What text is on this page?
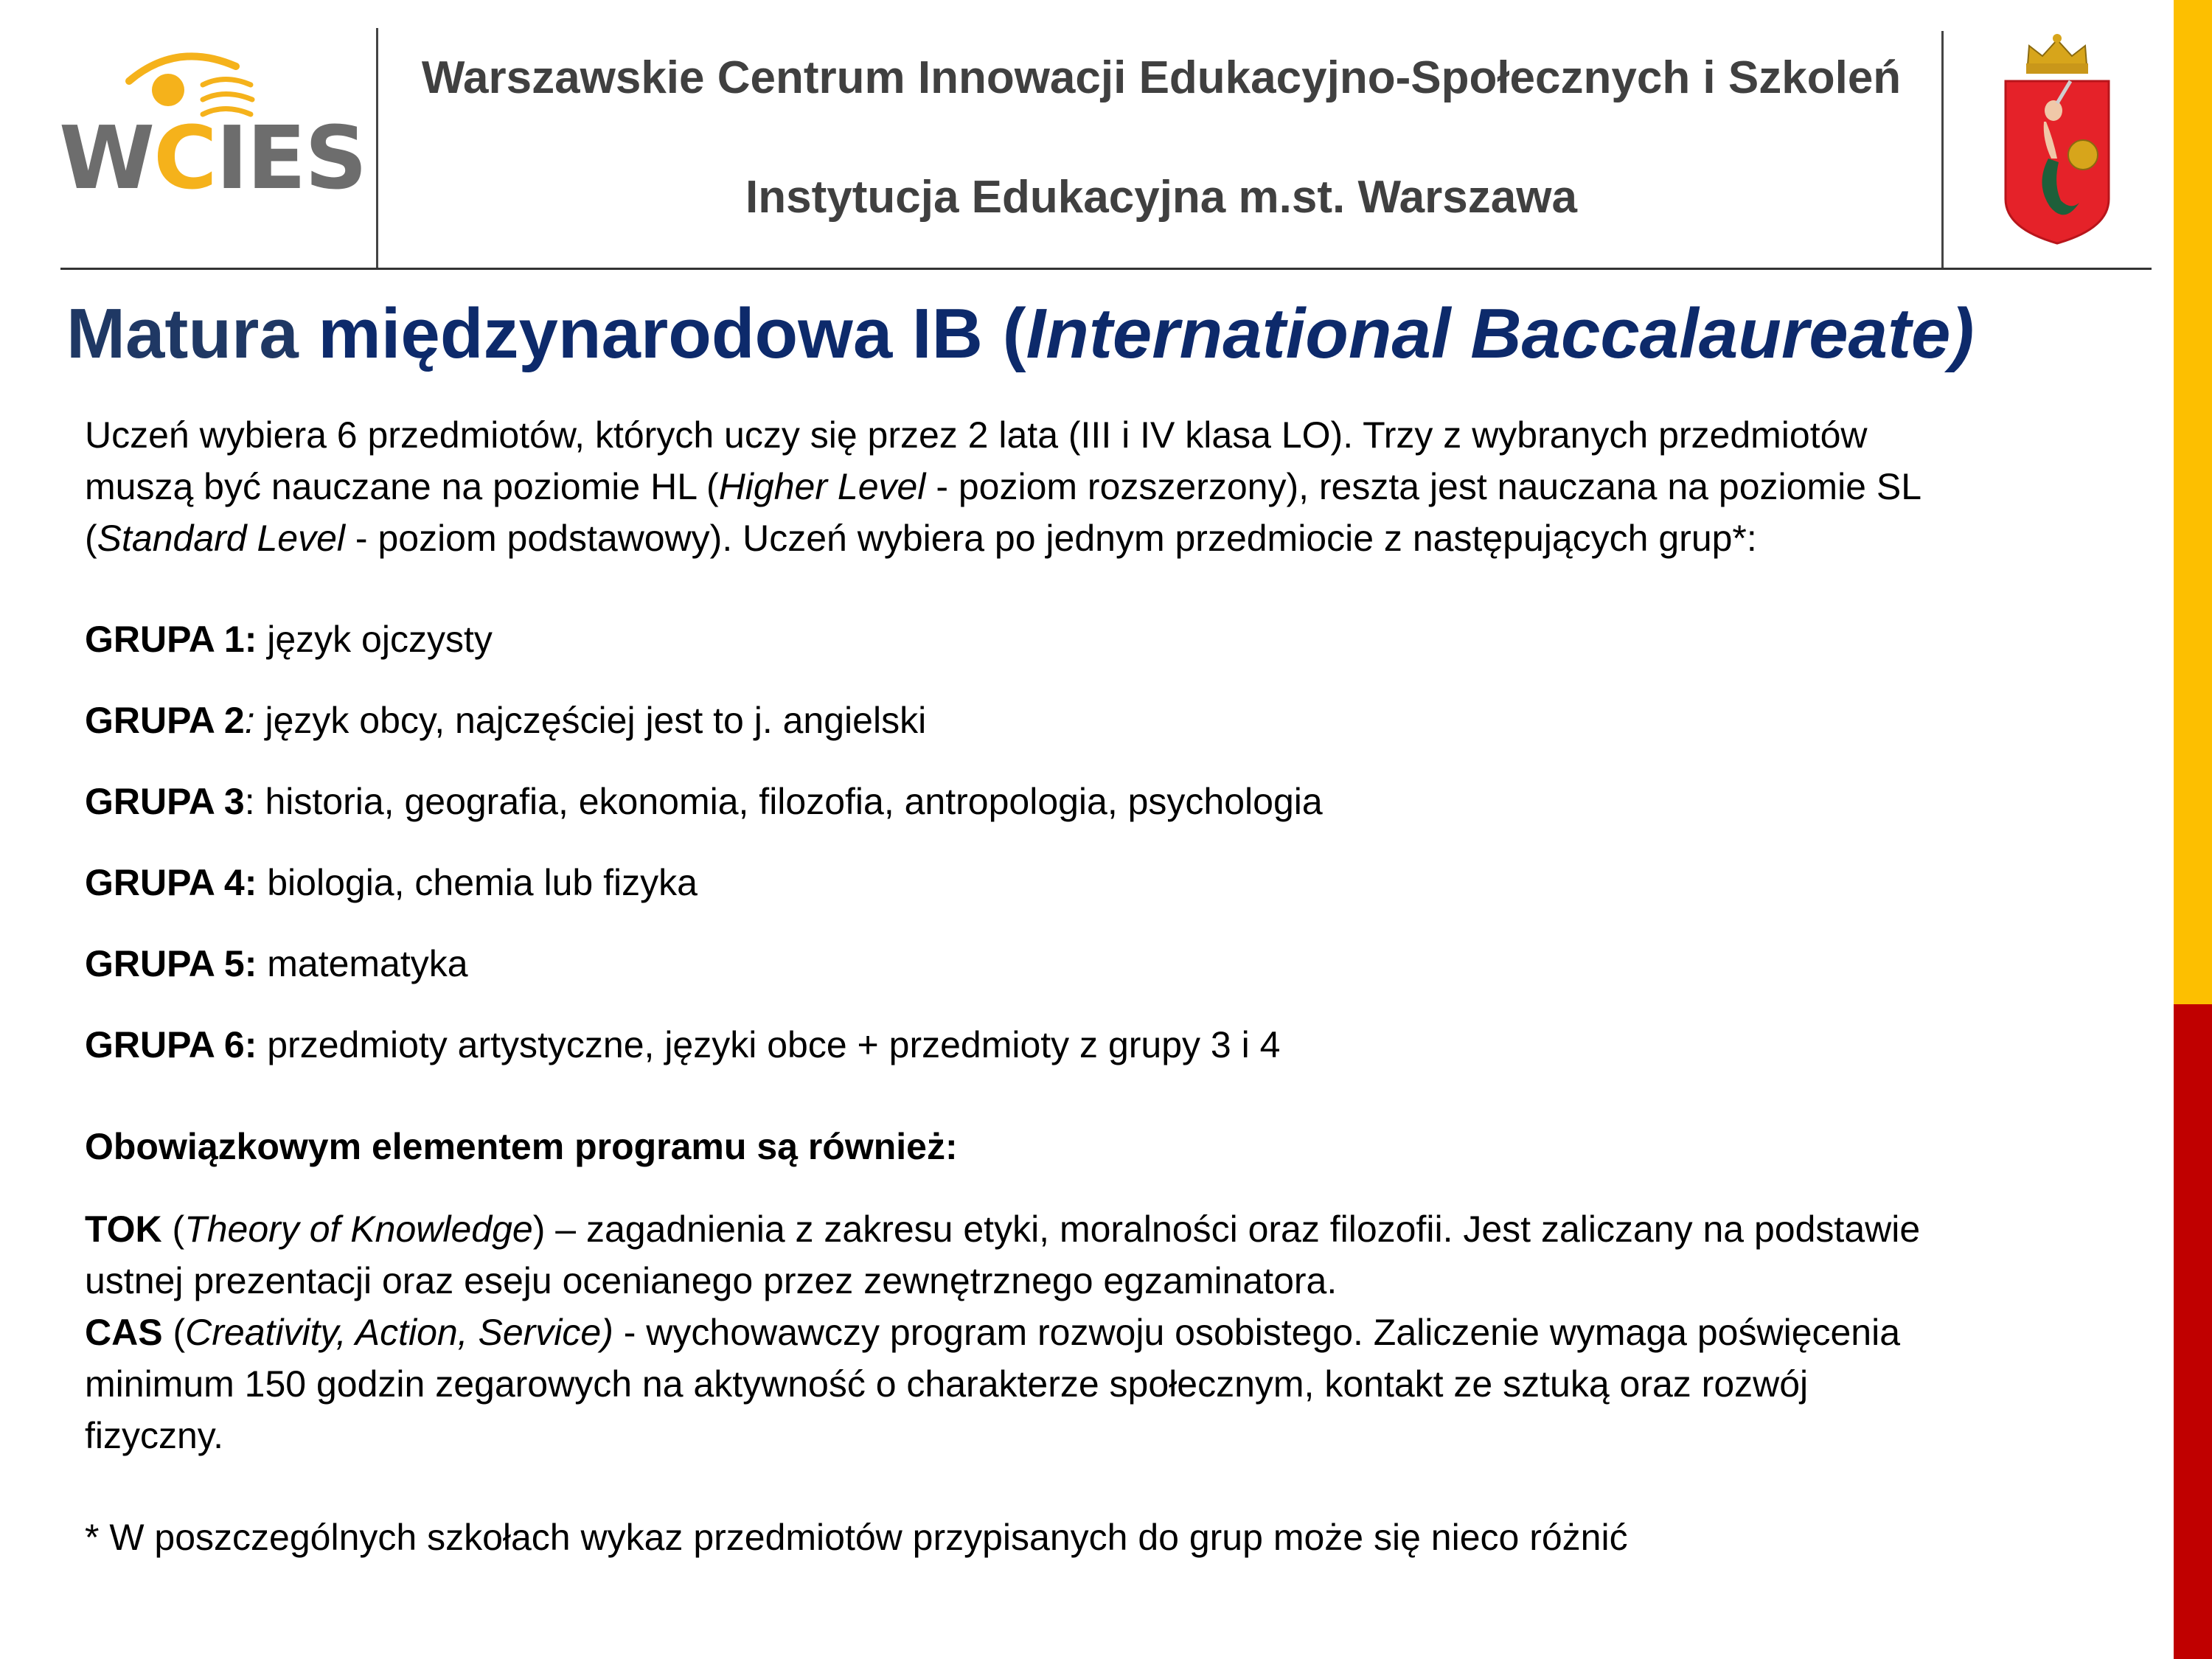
WCIES
Warszawskie Centrum Innowacji Edukacyjno-Społecznych i Szkoleń
Instytucja Edukacyjna m.st. Warszawa
Matura międzynarodowa IB (International Baccalaureate)
Uczeń wybiera 6 przedmiotów, których uczy się przez 2 lata (III i IV klasa LO). Trzy z wybranych przedmiotów
muszą być nauczane na poziomie HL (Higher Level - poziom rozszerzony), reszta jest nauczana na poziomie SL
(Standard Level - poziom podstawowy). Uczeń wybiera po jednym przedmiocie z następujących grup*:
GRUPA 1: język ojczysty
GRUPA 2: język obcy, najczęściej jest to j. angielski
GRUPA 3: historia, geografia, ekonomia, filozofia, antropologia, psychologia
GRUPA 4: biologia, chemia lub fizyka
GRUPA 5: matematyka
GRUPA 6: przedmioty artystyczne, języki obce + przedmioty z grupy 3 i 4
Obowiązkowym elementem programu są również:
TOK (Theory of Knowledge) – zagadnienia z zakresu etyki, moralności oraz filozofii. Jest zaliczany na podstawie
ustnej prezentacji oraz eseju ocenianego przez zewnętrznego egzaminatora.
CAS (Creativity, Action, Service) - wychowawczy program rozwoju osobistego. Zaliczenie wymaga poświęcenia
minimum 150 godzin zegarowych na aktywność o charakterze społecznym, kontakt ze sztuką oraz rozwój
fizyczny.
* W poszczególnych szkołach wykaz przedmiotów przypisanych do grup może się nieco różnić
